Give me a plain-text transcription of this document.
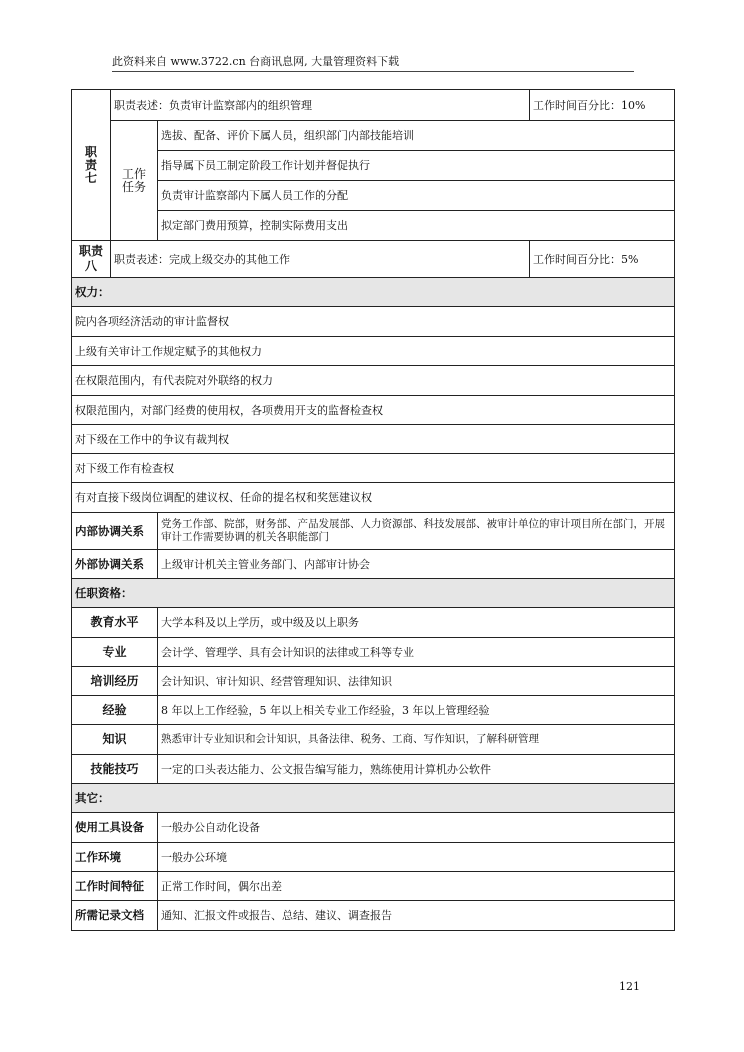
此资料来自 www.3722.cn 台商讯息网, 大量管理资料下载
职
责
七	职责表述：负责审计监察部内的组织管理		工作时间百分比：10%
	工作
任务	选拔、配备、评价下属人员，组织部门内部技能培训	
		指导属下员工制定阶段工作计划并督促执行	
		负责审计监察部内下属人员工作的分配	
		拟定部门费用预算，控制实际费用支出	
职责
八	职责表述：完成上级交办的其他工作		工作时间百分比：5%
权力：			
院内各项经济活动的审计监督权			
上级有关审计工作规定赋予的其他权力			
在权限范围内，有代表院对外联络的权力			
权限范围内，对部门经费的使用权，各项费用开支的监督检查权			
对下级在工作中的争议有裁判权			
对下级工作有检查权			
有对直接下级岗位调配的建议权、任命的提名权和奖惩建议权			
内部协调关系		党务工作部、院部，财务部、产品发展部、人力资源部、科技发展部、被审计单位的审计项目所在部门，开展审计工作需要协调的机关各职能部门	
外部协调关系		上级审计机关主管业务部门、内部审计协会	
任职资格：			
教育水平		大学本科及以上学历，或中级及以上职务	
专业		会计学、管理学、具有会计知识的法律或工科等专业	
培训经历		会计知识、审计知识、经营管理知识、法律知识	
经验		8 年以上工作经验，5 年以上相关专业工作经验，3 年以上管理经验	
知识		熟悉审计专业知识和会计知识，具备法律、税务、工商、写作知识，了解科研管理	
技能技巧		一定的口头表达能力、公文报告编写能力，熟练使用计算机办公软件	
其它：			
使用工具设备		一般办公自动化设备	
工作环境		一般办公环境	
工作时间特征		正常工作时间，偶尔出差	
所需记录文档		通知、汇报文件或报告、总结、建议、调查报告	
121
